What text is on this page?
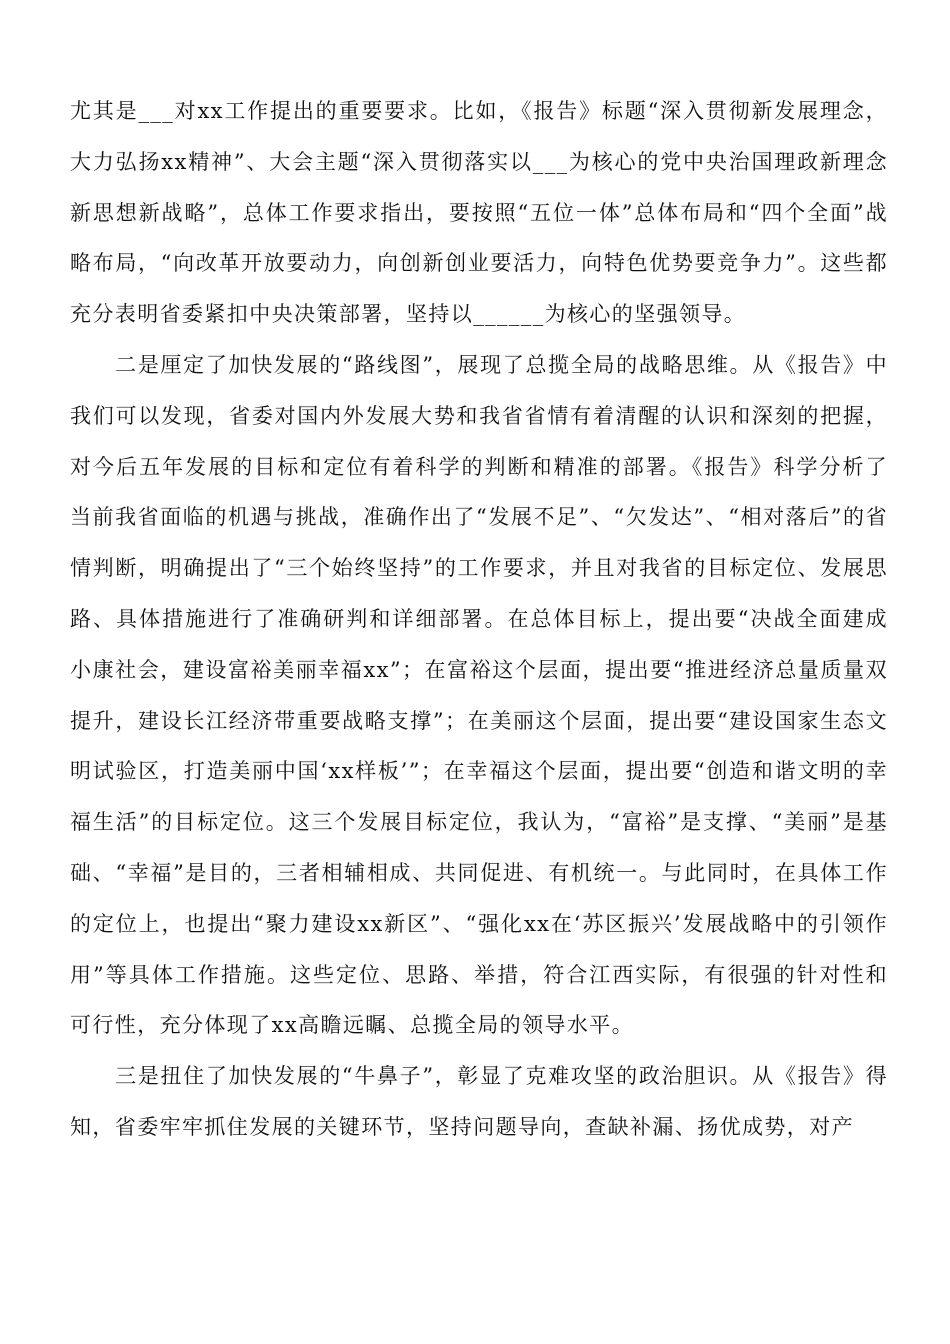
尤其是___对xx工作提出的重要要求。比如，《报告》标题“深入贯彻新发展理念，大力弘扬xx精神”、大会主题“深入贯彻落实以___为核心的党中央治国理政新理念新思想新战略”，总体工作要求指出，要按照“五位一体”总体布局和“四个全面”战略布局，“向改革开放要动力，向创新创业要活力，向特色优势要竞争力”。这些都充分表明省委紧扣中央决策部署，坚持以______为核心的坚强领导。

二是厘定了加快发展的“路线图”，展现了总揽全局的战略思维。从《报告》中我们可以发现，省委对国内外发展大势和我省省情有着清醒的认识和深刻的把握，对今后五年发展的目标和定位有着科学的判断和精准的部署。《报告》科学分析了当前我省面临的机遇与挑战，准确作出了“发展不足”、“欠发达”、“相对落后”的省情判断，明确提出了“三个始终坚持”的工作要求，并且对我省的目标定位、发展思路、具体措施进行了准确研判和详细部署。在总体目标上，提出要“决战全面建成小康社会，建设富裕美丽幸福xx”；在富裕这个层面，提出要“推进经济总量质量双提升，建设长江经济带重要战略支撑”；在美丽这个层面，提出要“建设国家生态文明试验区，打造美丽中国‘xx样板’”；在幸福这个层面，提出要“创造和谐文明的幸福生活”的目标定位。这三个发展目标定位，我认为，“富裕”是支撑、“美丽”是基础、“幸福”是目的，三者相辅相成、共同促进、有机统一。与此同时，在具体工作的定位上，也提出“聚力建设xx新区”、“强化xx在‘苏区振兴’发展战略中的引领作用”等具体工作措施。这些定位、思路、举措，符合江西实际，有很强的针对性和可行性，充分体现了xx高瞻远瞩、总揽全局的领导水平。

三是扭住了加快发展的“牛鼻子”，彰显了克难攻坚的政治胆识。从《报告》得知，省委牢牢抓住发展的关键环节，坚持问题导向，查缺补漏、扬优成势，对产
